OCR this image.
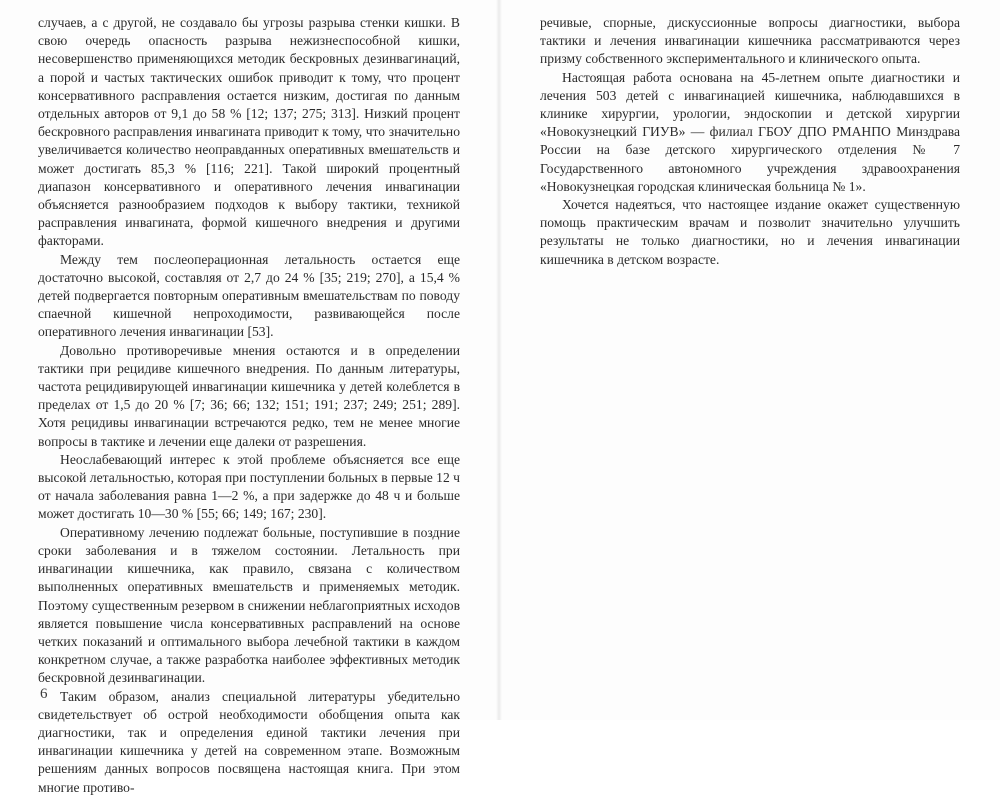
случаев, а с другой, не создавало бы угрозы разрыва стенки кишки. В свою очередь опасность разрыва нежизнеспособной кишки, несовершенство применяющихся методик бескровных дезинвагинаций, а порой и частых тактических ошибок приводит к тому, что процент консервативного расправления остается низким, достигая по данным отдельных авторов от 9,1 до 58 % [12; 137; 275; 313]. Низкий процент бескровного расправления инвагината приводит к тому, что значительно увеличивается количество неоправданных оперативных вмешательств и может достигать 85,3 % [116; 221]. Такой широкий процентный диапазон консервативного и оперативного лечения инвагинации объясняется разнообразием подходов к выбору тактики, техникой расправления инвагината, формой кишечного внедрения и другими факторами.

Между тем послеоперационная летальность остается еще достаточно высокой, составляя от 2,7 до 24 % [35; 219; 270], а 15,4 % детей подвергается повторным оперативным вмешательствам по поводу спаечной кишечной непроходимости, развивающейся после оперативного лечения инвагинации [53].

Довольно противоречивые мнения остаются и в определении тактики при рецидиве кишечного внедрения. По данным литературы, частота рецидивирующей инвагинации кишечника у детей колеблется в пределах от 1,5 до 20 % [7; 36; 66; 132; 151; 191; 237; 249; 251; 289]. Хотя рецидивы инвагинации встречаются редко, тем не менее многие вопросы в тактике и лечении еще далеки от разрешения.

Неослабевающий интерес к этой проблеме объясняется все еще высокой летальностью, которая при поступлении больных в первые 12 ч от начала заболевания равна 1—2 %, а при задержке до 48 ч и больше может достигать 10—30 % [55; 66; 149; 167; 230].

Оперативному лечению подлежат больные, поступившие в поздние сроки заболевания и в тяжелом состоянии. Летальность при инвагинации кишечника, как правило, связана с количеством выполненных оперативных вмешательств и применяемых методик. Поэтому существенным резервом в снижении неблагоприятных исходов является повышение числа консервативных расправлений на основе четких показаний и оптимального выбора лечебной тактики в каждом конкретном случае, а также разработка наиболее эффективных методик бескровной дезинвагинации.

Таким образом, анализ специальной литературы убедительно свидетельствует об острой необходимости обобщения опыта как диагностики, так и определения единой тактики лечения при инвагинации кишечника у детей на современном этапе. Возможным решениям данных вопросов посвящена настоящая книга. При этом многие противо-

речивые, спорные, дискуссионные вопросы диагностики, выбора тактики и лечения инвагинации кишечника рассматриваются через призму собственного экспериментального и клинического опыта.

Настоящая работа основана на 45-летнем опыте диагностики и лечения 503 детей с инвагинацией кишечника, наблюдавшихся в клинике хирургии, урологии, эндоскопии и детской хирургии «Новокузнецкий ГИУВ» — филиал ГБОУ ДПО РМАНПО Минздрава России на базе детского хирургического отделения № 7 Государственного автономного учреждения здравоохранения «Новокузнецкая городская клиническая больница № 1».

Хочется надеяться, что настоящее издание окажет существенную помощь практическим врачам и позволит значительно улучшить результаты не только диагностики, но и лечения инвагинации кишечника в детском возрасте.

6
